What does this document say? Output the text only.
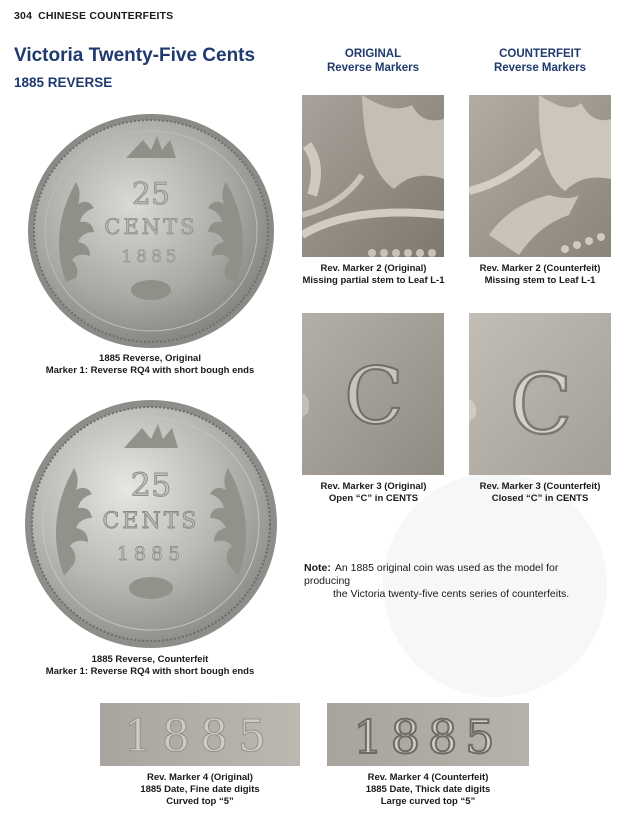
304 CHINESE COUNTERFEITS
Victoria Twenty-Five Cents
1885 REVERSE
ORIGINAL
Reverse Markers
COUNTERFEIT
Reverse Markers
25
CENTS
1885
1885 Reverse, Original
Marker 1: Reverse RQ4 with short bough ends
25
CENTS
1885
1885 Reverse, Counterfeit
Marker 1: Reverse RQ4 with short bough ends
Rev. Marker 2 (Original)
Missing partial stem to Leaf L-1
Rev. Marker 2 (Counterfeit)
Missing stem to Leaf L-1
C
Rev. Marker 3 (Original)
Open “C” in CENTS
C
Rev. Marker 3 (Counterfeit)
Closed “C” in CENTS
Note: An 1885 original coin was used as the model for producing
the Victoria twenty-five cents series of counterfeits.
1885
Rev. Marker 4 (Original)
1885 Date, Fine date digits
Curved top “5”
1885
Rev. Marker 4 (Counterfeit)
1885 Date, Thick date digits
Large curved top “5”
